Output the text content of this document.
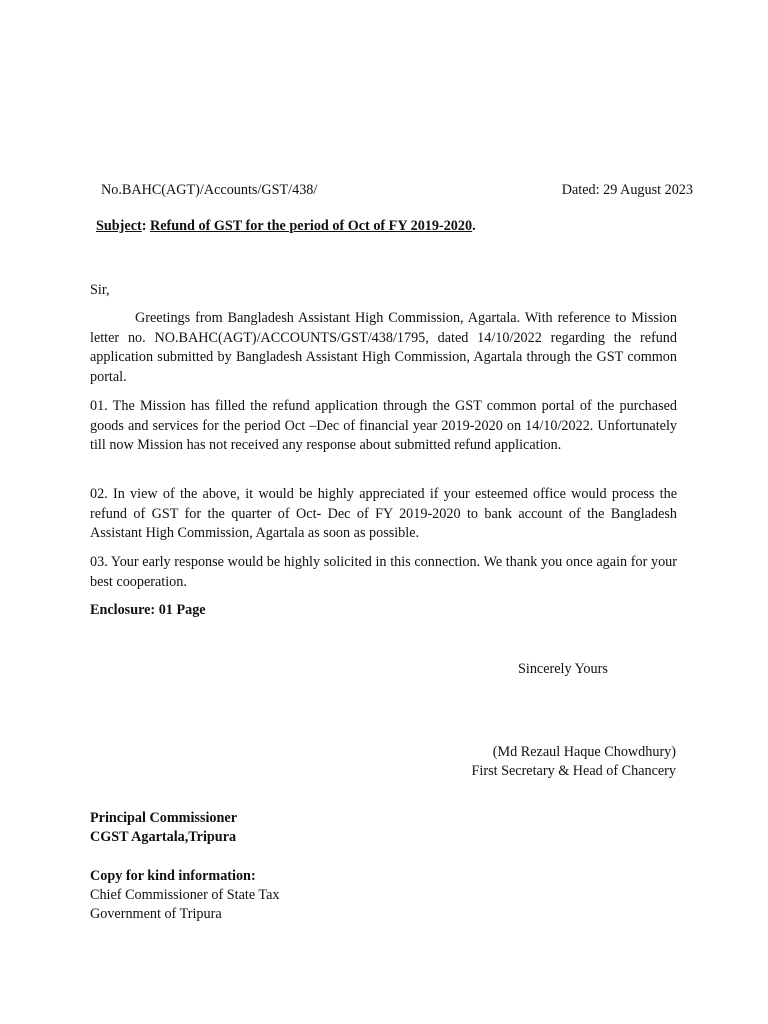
No.BAHC(AGT)/Accounts/GST/438/	Dated: 29 August 2023

Subject: Refund of GST for the period of Oct of FY 2019-2020.

Sir,

Greetings from Bangladesh Assistant High Commission, Agartala. With reference to Mission letter no. NO.BAHC(AGT)/ACCOUNTS/GST/438/1795, dated 14/10/2022 regarding the refund application submitted by Bangladesh Assistant High Commission, Agartala through the GST common portal.

01. The Mission has filled the refund application through the GST common portal of the purchased goods and services for the period Oct –Dec of financial year 2019-2020 on 14/10/2022. Unfortunately till now Mission has not received any response about submitted refund application.

02. In view of the above, it would be highly appreciated if your esteemed office would process the refund of GST for the quarter of Oct- Dec of FY 2019-2020 to bank account of the Bangladesh Assistant High Commission, Agartala as soon as possible.

03. Your early response would be highly solicited in this connection. We thank you once again for your best cooperation.

Enclosure: 01 Page

Sincerely Yours

(Md Rezaul Haque Chowdhury)

First Secretary & Head of Chancery

Principal Commissioner

CGST Agartala,Tripura

Copy for kind information:

Chief Commissioner of State Tax

Government of Tripura
